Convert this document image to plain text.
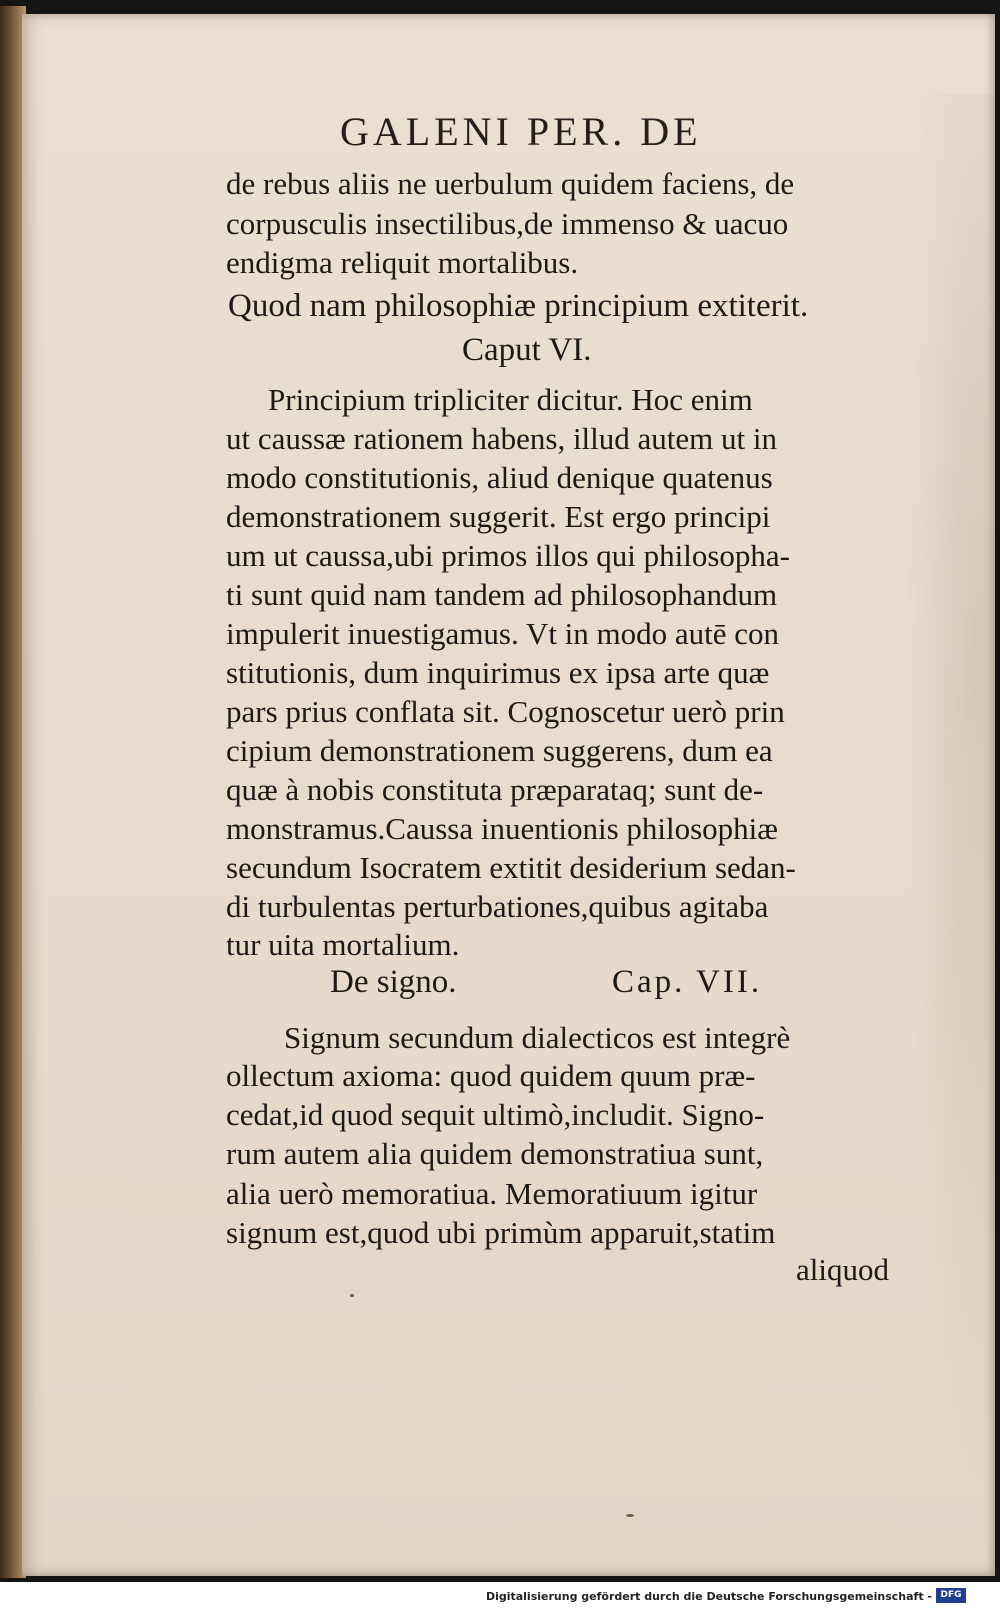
GALENI PER. DE
de rebus aliis ne uerbulum quidem faciens, de
corpusculis insectilibus,de immenso & uacuo
endigma reliquit mortalibus.
Quod nam philosophiæ principium extiterit.
Caput VI.
Principium tripliciter dicitur. Hoc enim
ut caussæ rationem habens, illud autem ut in
modo constitutionis, aliud denique quatenus
demonstrationem suggerit. Est ergo principi
um ut caussa,ubi primos illos qui philosopha-
ti sunt quid nam tandem ad philosophandum
impulerit inuestigamus. Vt in modo autē con
stitutionis, dum inquirimus ex ipsa arte quæ
pars prius conflata sit. Cognoscetur uerò prin
cipium demonstrationem suggerens, dum ea
quæ à nobis constituta præparataq; sunt de-
monstramus.Caussa inuentionis philosophiæ
secundum Isocratem extitit desiderium sedan-
di turbulentas perturbationes,quibus agitaba
tur uita mortalium.
De signo.	Cap. VII.
Signum secundum dialecticos est integrè
ollectum axioma: quod quidem quum præ-
cedat,id quod sequit ultimò,includit. Signo-
rum autem alia quidem demonstratiua sunt,
alia uerò memoratiua. Memoratiuum igitur
signum est,quod ubi primùm apparuit,statim
aliquod
Digitalisierung gefördert durch die Deutsche Forschungsgemeinschaft - DFG
